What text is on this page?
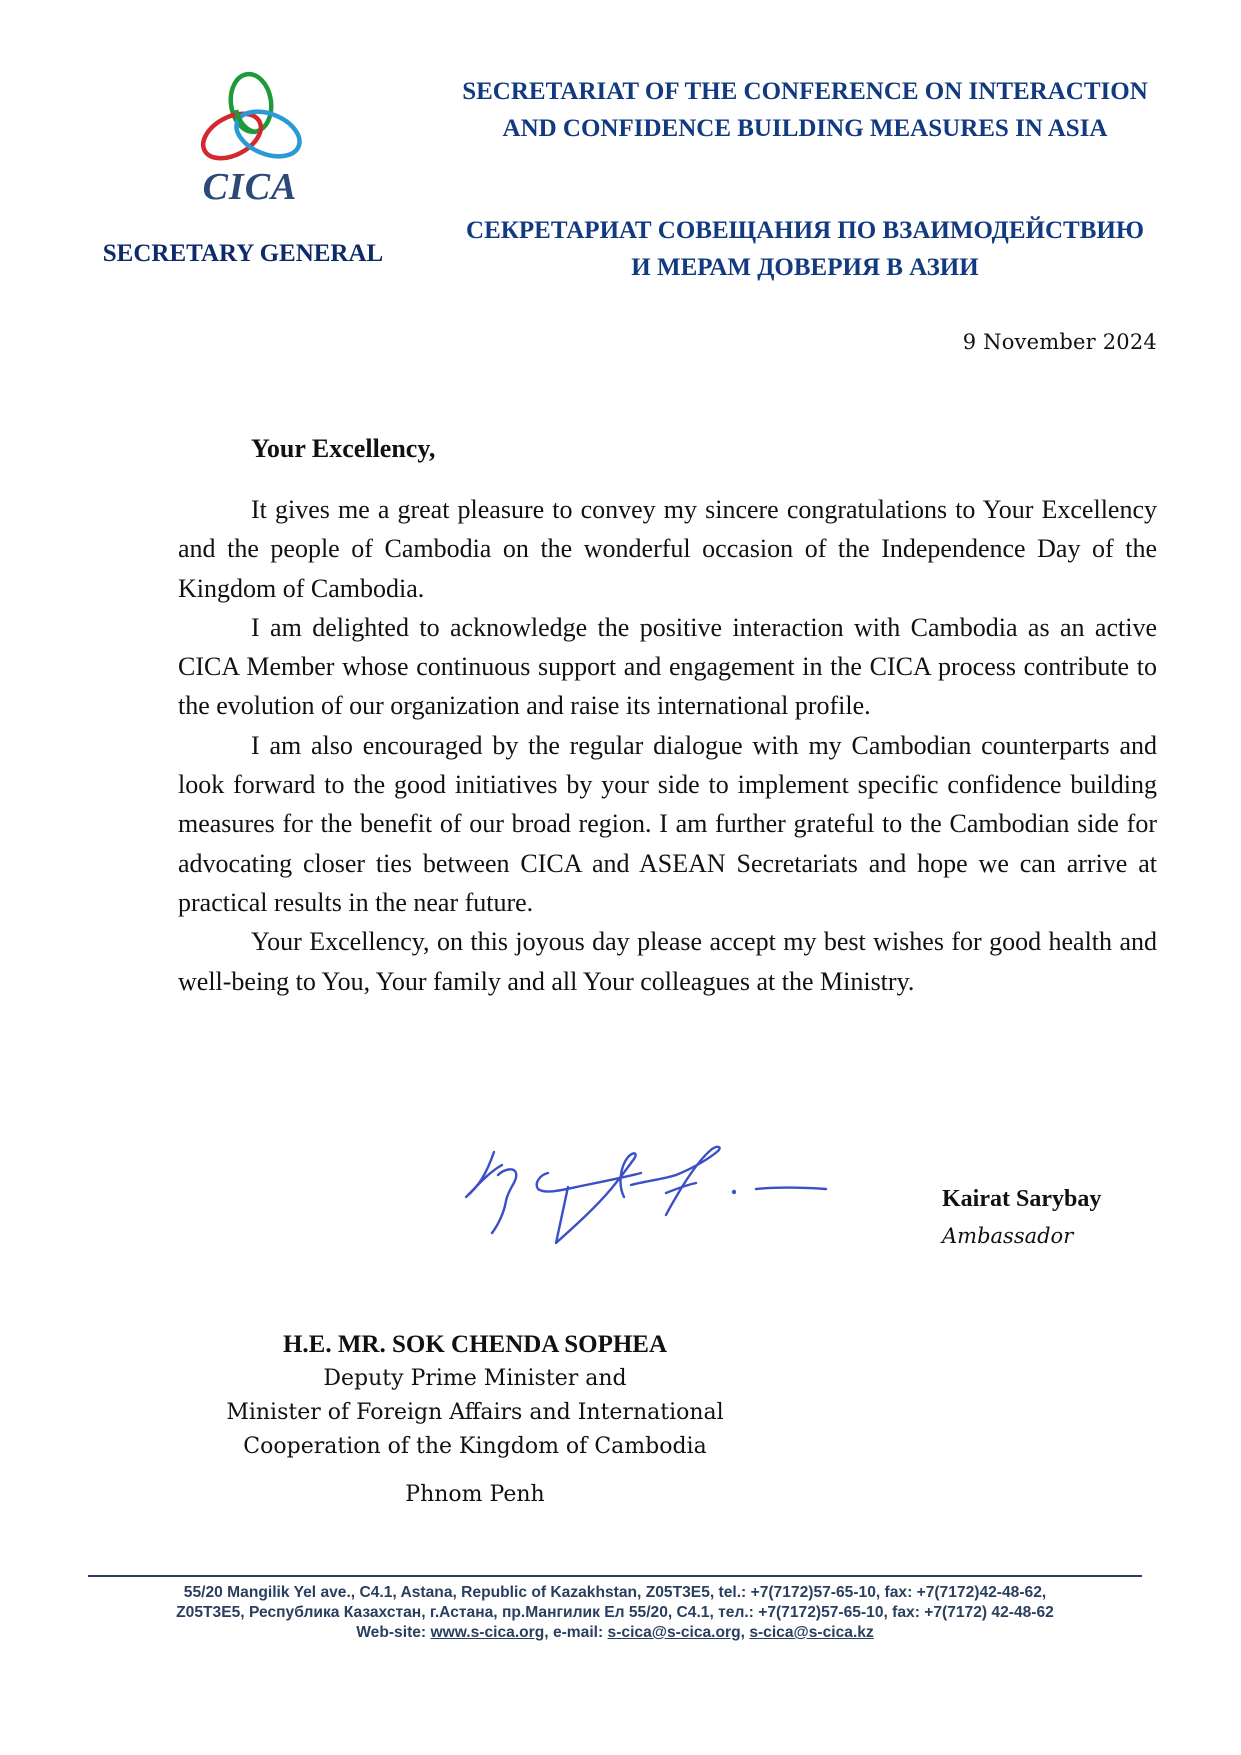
CICA
SECRETARY GENERAL
SECRETARIAT OF THE CONFERENCE ON INTERACTION
AND CONFIDENCE BUILDING MEASURES IN ASIA
СЕКРЕТАРИАТ СОВЕЩАНИЯ ПО ВЗАИМОДЕЙСТВИЮ
И МЕРАМ ДОВЕРИЯ В АЗИИ
9 November 2024
Your Excellency,

It gives me a great pleasure to convey my sincere congratulations to Your Excellency and the people of Cambodia on the wonderful occasion of the Independence Day of the Kingdom of Cambodia.

I am delighted to acknowledge the positive interaction with Cambodia as an active CICA Member whose continuous support and engagement in the CICA process contribute to the evolution of our organization and raise its international profile.

I am also encouraged by the regular dialogue with my Cambodian counterparts and look forward to the good initiatives by your side to implement specific confidence building measures for the benefit of our broad region. I am further grateful to the Cambodian side for advocating closer ties between CICA and ASEAN Secretariats and hope we can arrive at practical results in the near future.

Your Excellency, on this joyous day please accept my best wishes for good health and well-being to You, Your family and all Your colleagues at the Ministry.

Kairat Sarybay
Ambassador
H.E. MR. SOK CHENDA SOPHEA
Deputy Prime Minister and
Minister of Foreign Affairs and International
Cooperation of the Kingdom of Cambodia
Phnom Penh
55/20 Mangilik Yel ave., C4.1, Astana, Republic of Kazakhstan, Z05T3E5, tel.: +7(7172)57-65-10, fax: +7(7172)42-48-62,
Z05T3E5, Республика Казахстан, г.Астана, пр.Мангилик Ел 55/20, C4.1, тел.: +7(7172)57-65-10, fax: +7(7172) 42-48-62
Web-site: www.s-cica.org, e-mail: s-cica@s-cica.org, s-cica@s-cica.kz
